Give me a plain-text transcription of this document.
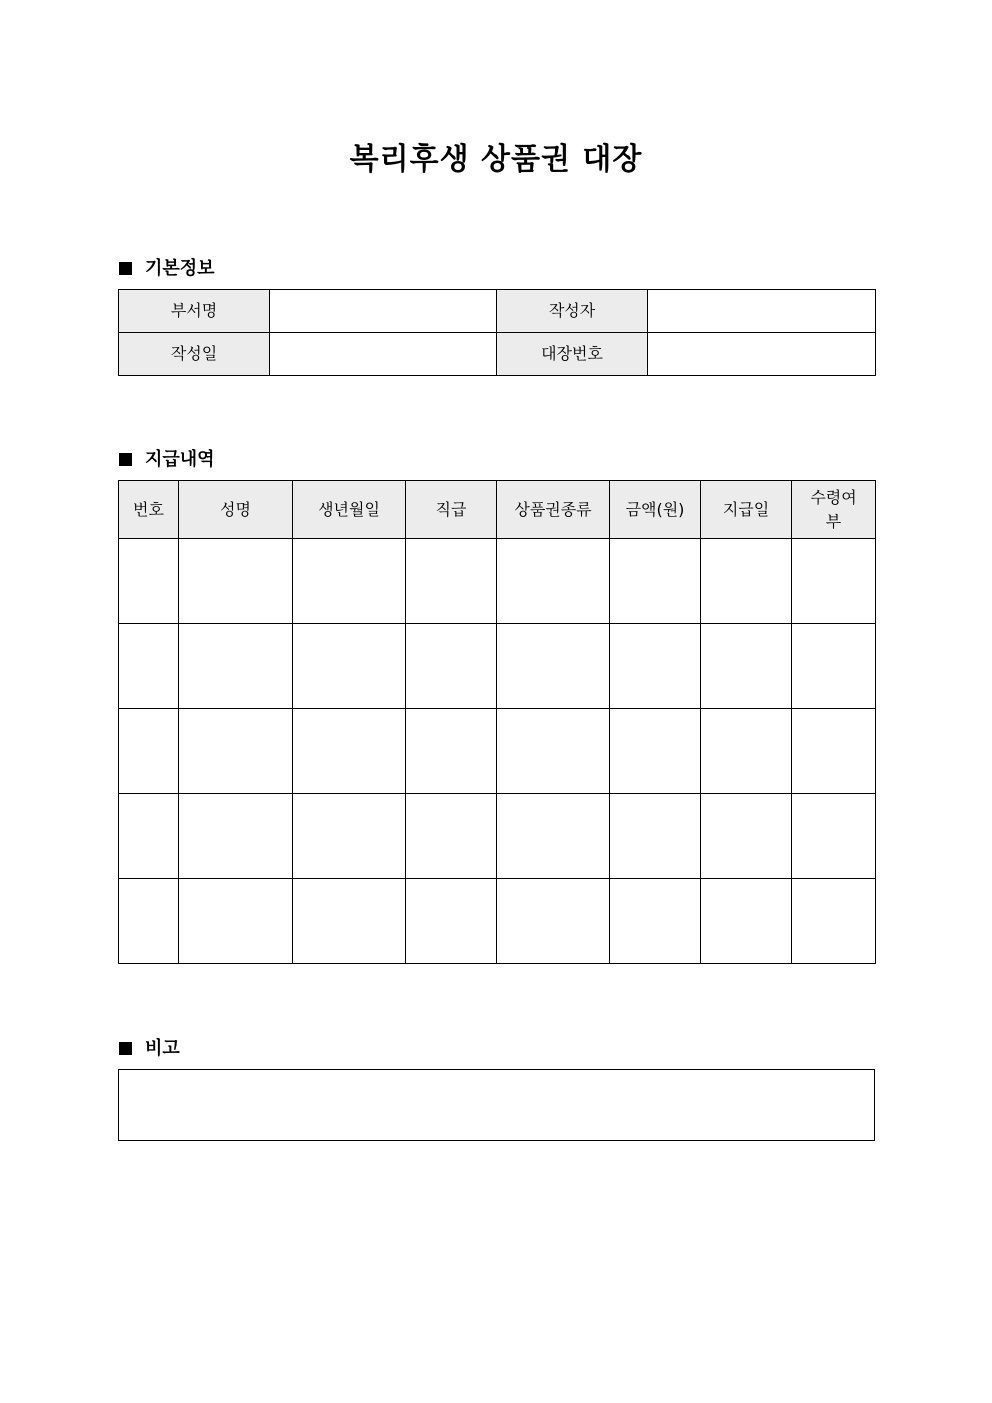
복리후생 상품권 대장
기본정보
부서명		작성자	
작성일		대장번호	
지급내역
번호	성명	생년월일	직급	상품권종류	금액(원)	지급일	수령여부

비고
